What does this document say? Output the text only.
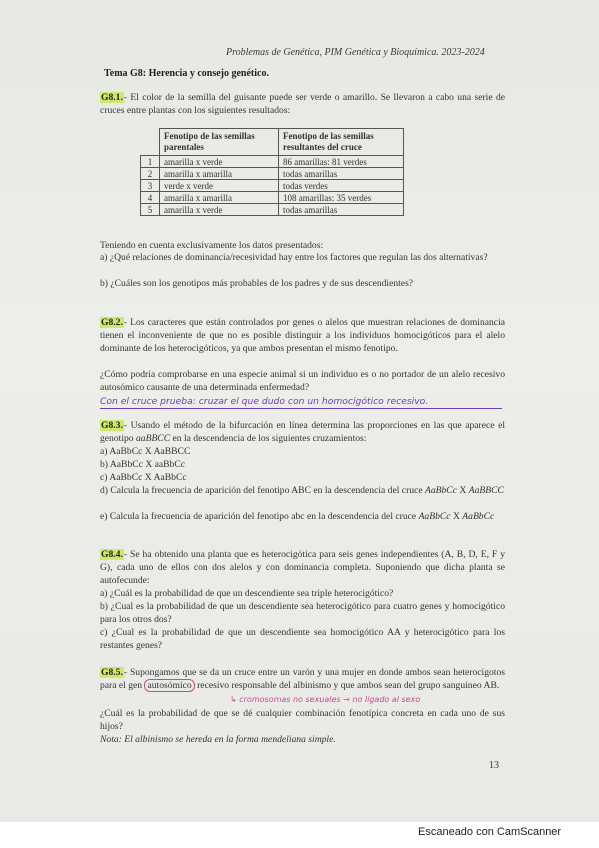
Problemas de Genética, PIM Genética y Bioquímica. 2023-2024
Tema G8: Herencia y consejo genético.
G8.1.- El color de la semilla del guisante puede ser verde o amarillo. Se llevaron a cabo una serie de cruces entre plantas con los siguientes resultados:
	Fenotipo de las semillas parentales	Fenotipo de las semillas resultantes del cruce
1	amarilla x verde	86 amarillas: 81 verdes
2	amarilla x amarilla	todas amarillas
3	verde x verde	todas verdes
4	amarilla x amarilla	108 amarillas: 35 verdes
5	amarilla x verde	todas amarillas
Teniendo en cuenta exclusivamente los datos presentados:
a) ¿Qué relaciones de dominancia/recesividad hay entre los factores que regulan las dos alternativas?
b) ¿Cuáles son los genotipos más probables de los padres y de sus descendientes?
G8.2.- Los caracteres que están controlados por genes o alelos que muestran relaciones de dominancia tienen el inconveniente de que no es posible distinguir a los individuos homocigóticos para el alelo dominante de los heterocigóticos, ya que ambos presentan el mismo fenotipo.
¿Cómo podría comprobarse en una especie animal si un individuo es o no portador de un alelo recesivo autosómico causante de una determinada enfermedad?
Con el cruce prueba: cruzar el que dudo con un homocigótico recesivo.
G8.3.- Usando el método de la bifurcación en línea determina las proporciones en las que aparece el genotipo aaBBCC en la descendencia de los siguientes cruzamientos:
a) AaBbCc X AaBBCC
b) AaBbCc X aaBbCc
c) AaBbCc X AaBbCc
d) Calcula la frecuencia de aparición del fenotipo ABC en la descendencia del cruce AaBbCc X AaBBCC
e) Calcula la frecuencia de aparición del fenotipo abc en la descendencia del cruce AaBbCc X AaBbCc
G8.4.- Se ha obtenido una planta que es heterocigótica para seis genes independientes (A, B, D, E, F y G), cada uno de ellos con dos alelos y con dominancia completa. Suponiendo que dicha planta se autofecunde:
a) ¿Cuál es la probabilidad de que un descendiente sea triple heterocigótico?
b) ¿Cual es la probabilidad de que un descendiente sea heterocigótico para cuatro genes y homocigótico para los otros dos?
c) ¿Cual es la probabilidad de que un descendiente sea homocigótico AA y heterocigótico para los restantes genes?
G8.5.- Supongamos que se da un cruce entre un varón y una mujer en donde ambos sean heterocigotos para el gen autosómico recesivo responsable del albinismo y que ambos sean del grupo sanguíneo AB.
↳ cromosomas no sexuales → no ligado al sexo
¿Cuál es la probabilidad de que se dé cualquier combinación fenotípica concreta en cada uno de sus hijos?
Nota: El albinismo se hereda en la forma mendeliana simple.
13
Escaneado con CamScanner
